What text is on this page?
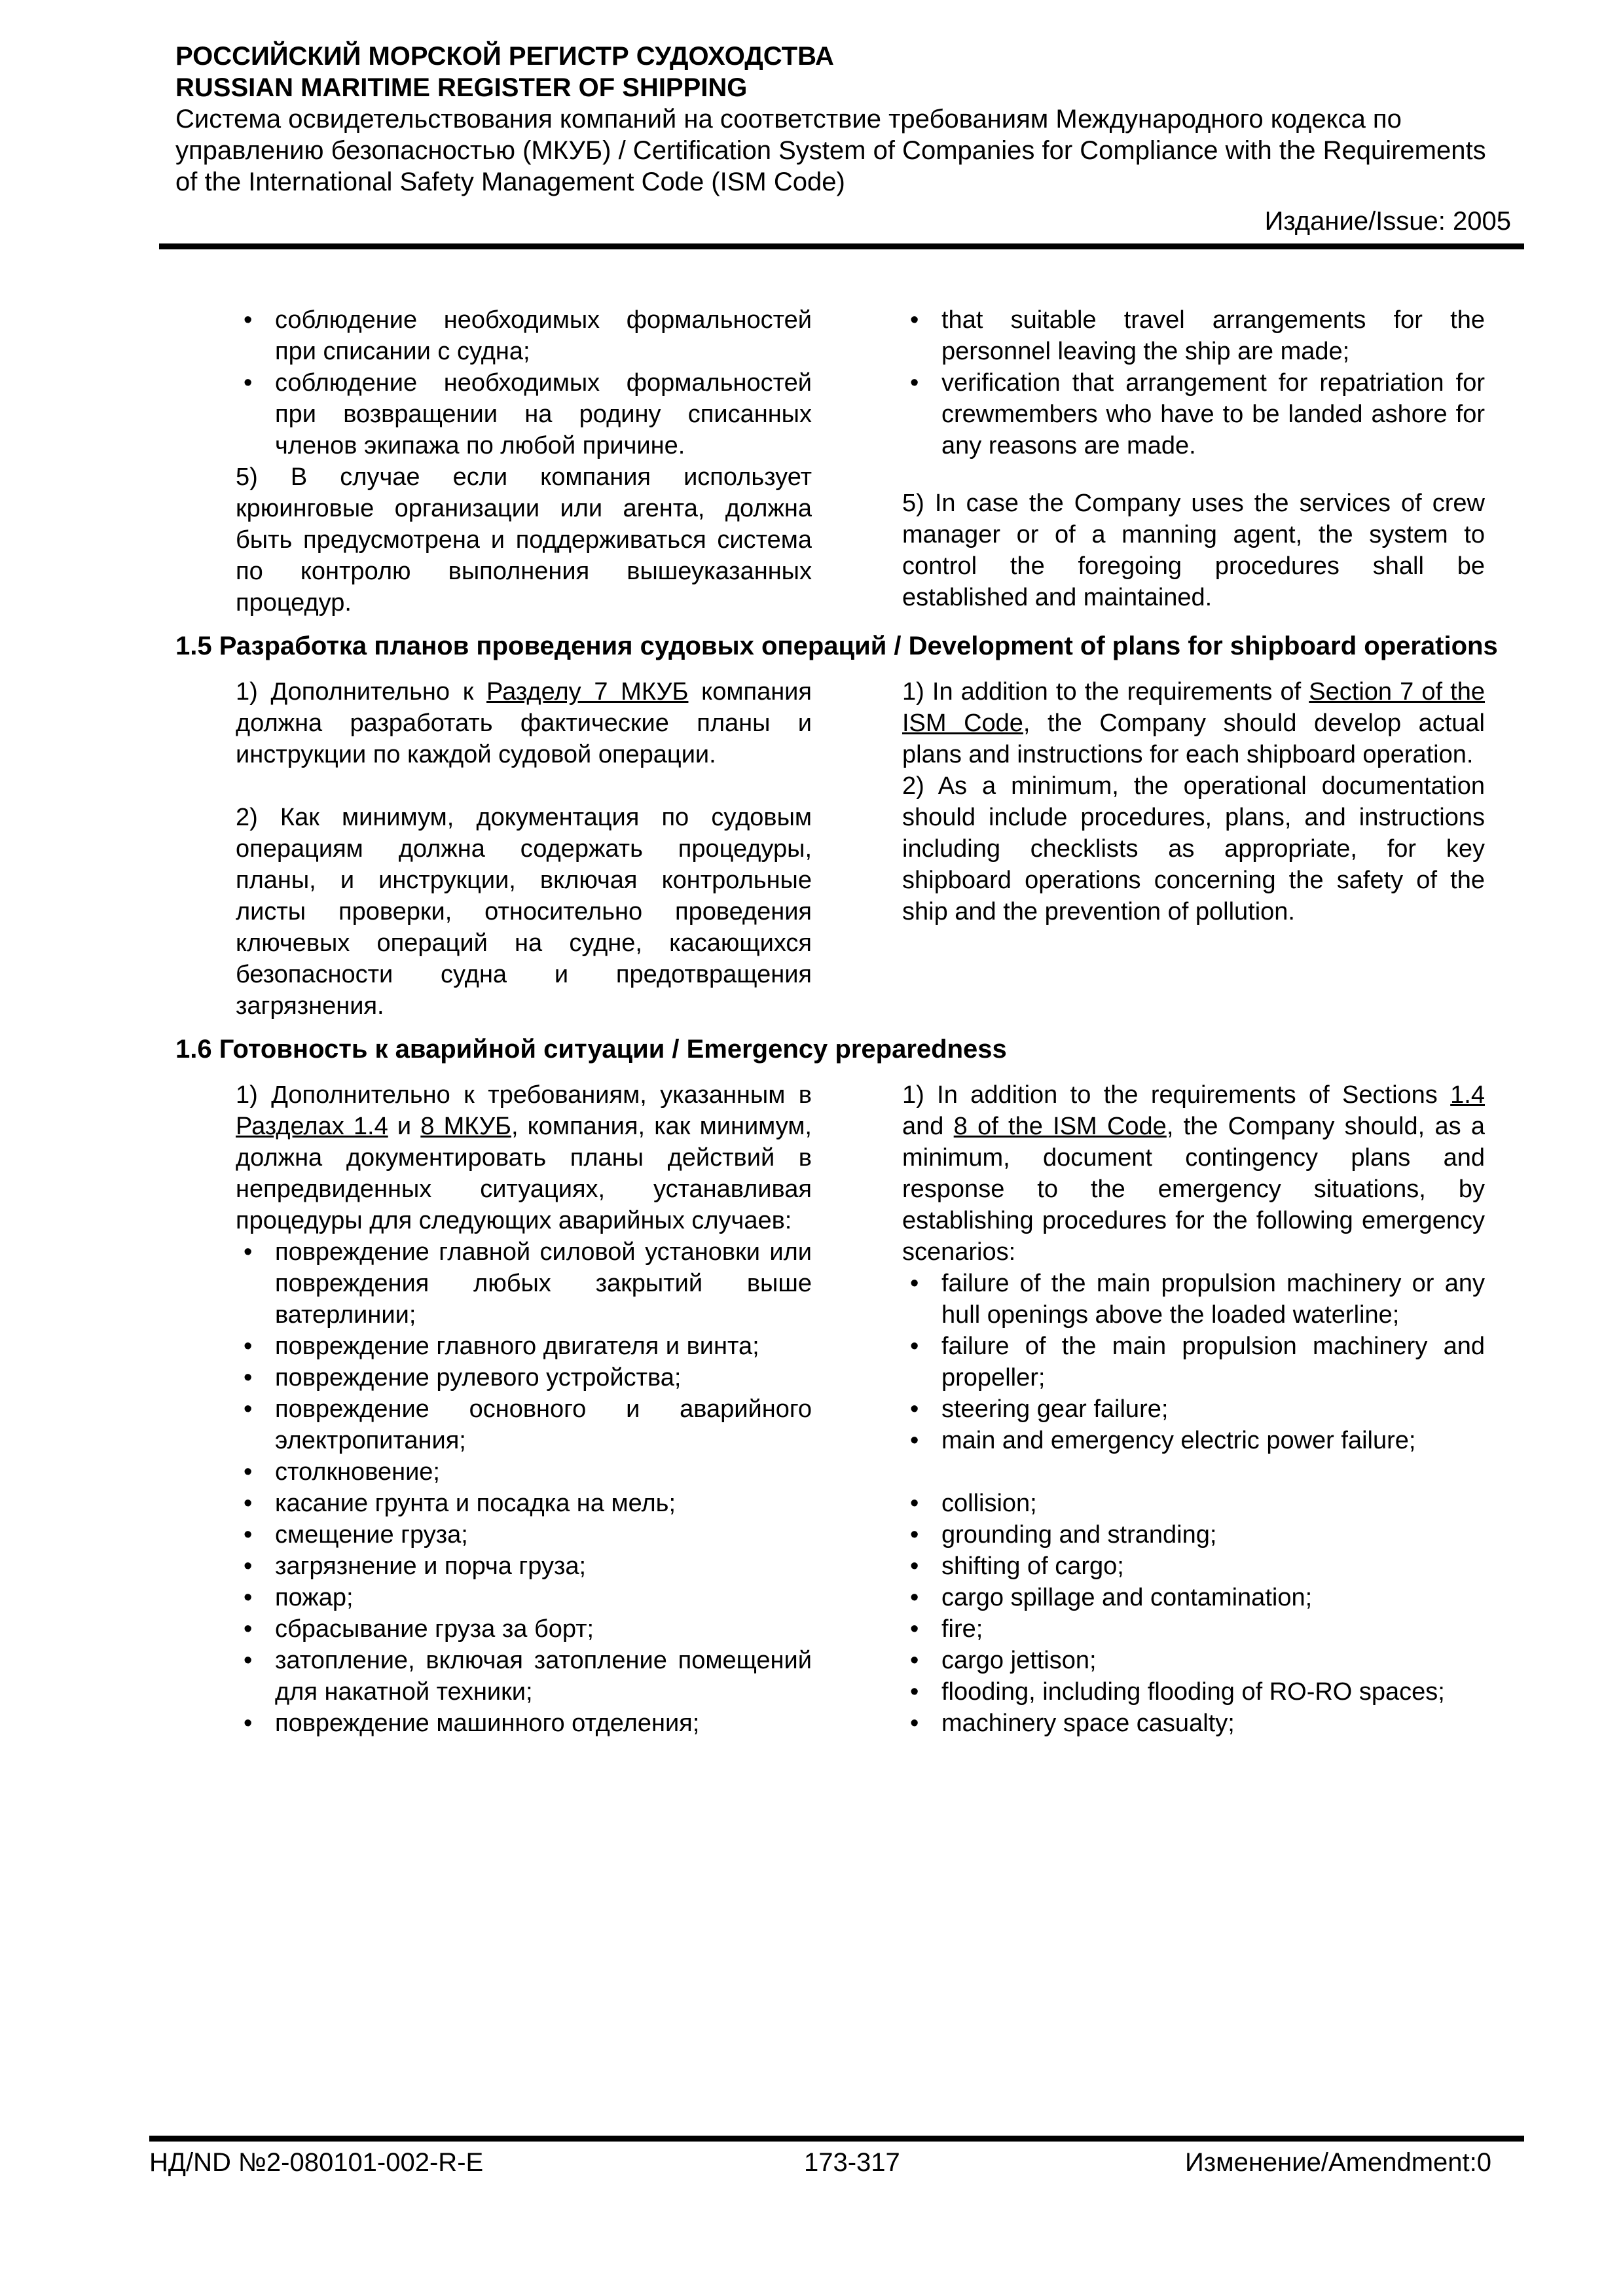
РОССИЙСКИЙ МОРСКОЙ РЕГИСТР СУДОХОДСТВА
RUSSIAN MARITIME REGISTER OF SHIPPING
Система освидетельствования компаний на соответствие требованиям Международного кодекса по управлению безопасностью (МКУБ) / Certification System of Companies for Compliance with the Requirements of the International Safety Management Code (ISM Code)
Издание/Issue: 2005
• соблюдение необходимых формальностей при списании с судна;
• соблюдение необходимых формальностей при возвращении на родину списанных членов экипажа по любой причине.

5) В случае если компания использует крюинговые организации или агента, должна быть предусмотрена и поддерживаться система по контролю выполнения вышеуказанных процедур.

• that suitable travel arrangements for the personnel leaving the ship are made;
• verification that arrangement for repatriation for crewmembers who have to be landed ashore for any reasons are made.

5) In case the Company uses the services of crew manager or of a manning agent, the system to control the foregoing procedures shall be established and maintained.

1.5 Разработка планов проведения судовых операций / Development of plans for shipboard operations

1) Дополнительно к Разделу 7 МКУБ компания должна разработать фактические планы и инструкции по каждой судовой операции.

2) Как минимум, документация по судовым операциям должна содержать процедуры, планы, и инструкции, включая контрольные листы проверки, относительно проведения ключевых операций на судне, касающихся безопасности судна и предотвращения загрязнения.

1) In addition to the requirements of Section 7 of the ISM Code, the Company should develop actual plans and instructions for each shipboard operation.

2) As a minimum, the operational documentation should include procedures, plans, and instructions including checklists as appropriate, for key shipboard operations concerning the safety of the ship and the prevention of pollution.

1.6 Готовность к аварийной ситуации / Emergency preparedness

1) Дополнительно к требованиям, указанным в Разделах 1.4 и 8 МКУБ, компания, как минимум, должна документировать планы действий в непредвиденных ситуациях, устанавливая процедуры для следующих аварийных случаев:

• повреждение главной силовой установки или повреждения любых закрытий выше ватерлинии;
• повреждение главного двигателя и винта;
• повреждение рулевого устройства;
• повреждение основного и аварийного электропитания;
• столкновение;
• касание грунта и посадка на мель;
• смещение груза;
• загрязнение и порча груза;
• пожар;
• сбрасывание груза за борт;
• затопление, включая затопление помещений для накатной техники;
• повреждение машинного отделения;

1) In addition to the requirements of Sections 1.4 and 8 of the ISM Code, the Company should, as a minimum, document contingency plans and response to the emergency situations, by establishing procedures for the following emergency scenarios:

• failure of the main propulsion machinery or any hull openings above the loaded waterline;
• failure of the main propulsion machinery and propeller;
• steering gear failure;
• main and emergency electric power failure;
• collision;
• grounding and stranding;
• shifting of cargo;
• cargo spillage and contamination;
• fire;
• cargo jettison;
• flooding, including flooding of RO-RO spaces;
• machinery space casualty;
НД/ND №2-080101-002-R-E	173-317	Изменение/Amendment:0
